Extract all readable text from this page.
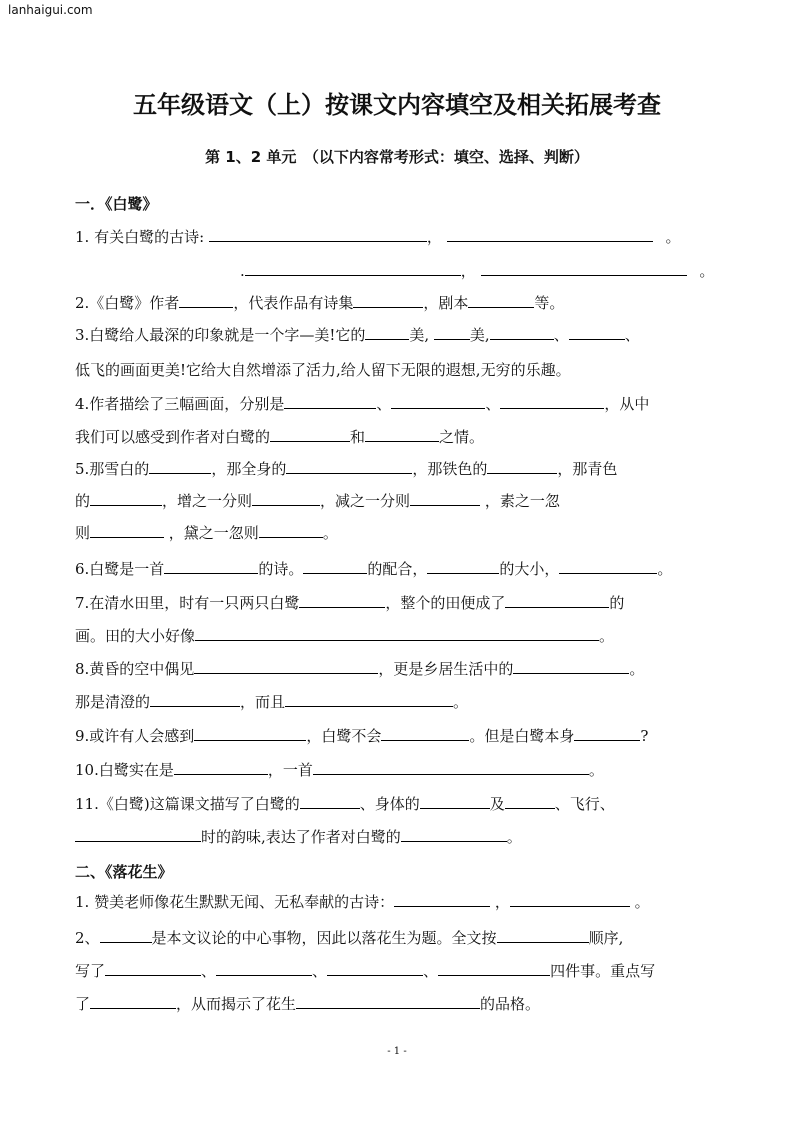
lanhaigui.com
五年级语文（上）按课文内容填空及相关拓展考查
第 1、2 单元　（以下内容常考形式：填空、选择、判断）
一．《白鹭》
1. 有关白鹭的古诗:	，	。
.	，	。
2.《白鹭》作者	，代表作品有诗集	，剧本	等。
3.白鹭给人最深的印象就是一个字—美!它的	美,	美,	、	、
低飞的画面更美!它给大自然增添了活力,给人留下无限的遐想,无穷的乐趣。
4.作者描绘了三幅画面，分别是	、	、	，从中
我们可以感受到作者对白鹭的	和	之情。
5.那雪白的	，那全身的	，那铁色的	，那青色
的	，增之一分则	，减之一分则	，素之一忽
则	，黛之一忽则	。
6.白鹭是一首	的诗。	的配合，	的大小，	。
7.在清水田里，时有一只两只白鹭	，整个的田便成了	的
画。田的大小好像	。
8.黄昏的空中偶见	，更是乡居生活中的	。
那是清澄的	，而且	。
9.或许有人会感到	，白鹭不会	。但是白鹭本身	?
10.白鹭实在是	，一首	。
11.《白鹭)这篇课文描写了白鹭的	、身体的	及	、飞行、
时的韵味,表达了作者对白鹭的	。
二、《落花生》
1. 赞美老师像花生默默无闻、无私奉献的古诗：	，	。
2、	是本文议论的中心事物，因此以落花生为题。全文按	顺序,
写了	、	、	、	四件事。重点写
了	，从而揭示了花生	的品格。
- 1 -
